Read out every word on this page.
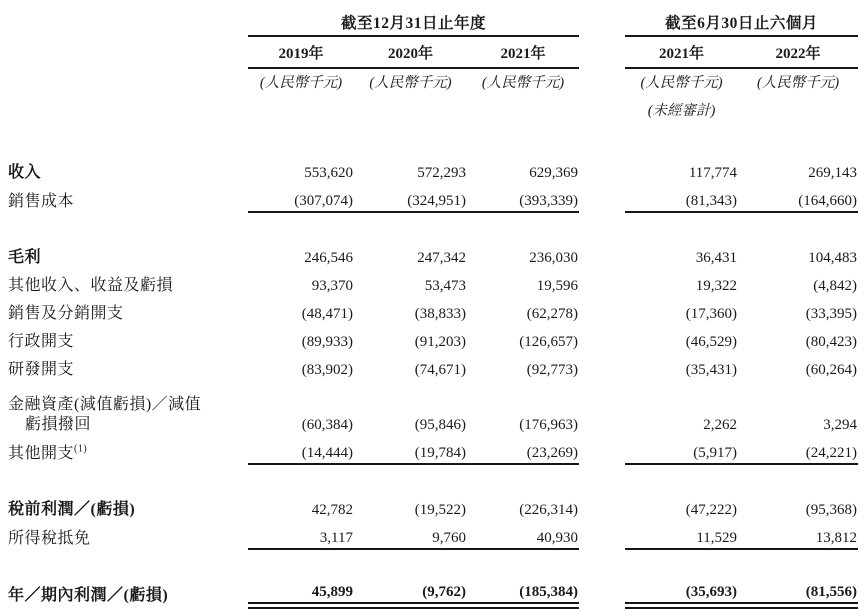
	截至12月31日止年度				截至6月30日止六個月	
	2019年	2020年	2021年		2021年	2022年
	(人民幣千元)	(人民幣千元)	(人民幣千元)		(人民幣千元)	(人民幣千元)
					(未經審計)	

收入	553,620	572,293	629,369		117,774	269,143
銷售成本	(307,074)	(324,951)	(393,339)		(81,343)	(164,660)

毛利	246,546	247,342	236,030		36,431	104,483
其他收入、收益及虧損	93,370	53,473	19,596		19,322	(4,842)
銷售及分銷開支	(48,471)	(38,833)	(62,278)		(17,360)	(33,395)
行政開支	(89,933)	(91,203)	(126,657)		(46,529)	(80,423)
研發開支	(83,902)	(74,671)	(92,773)		(35,431)	(60,264)

金融資產(減值虧損)／減值
虧損撥回	(60,384)	(95,846)	(176,963)		2,262	3,294
其他開支$^{(1)}$	(14,444)	(19,784)	(23,269)		(5,917)	(24,221)

稅前利潤／(虧損)	42,782	(19,522)	(226,314)		(47,222)	(95,368)
所得稅抵免	3,117	9,760	40,930		11,529	13,812

年／期內利潤／(虧損)	45,899	(9,762)	(185,384)		(35,693)	(81,556)
